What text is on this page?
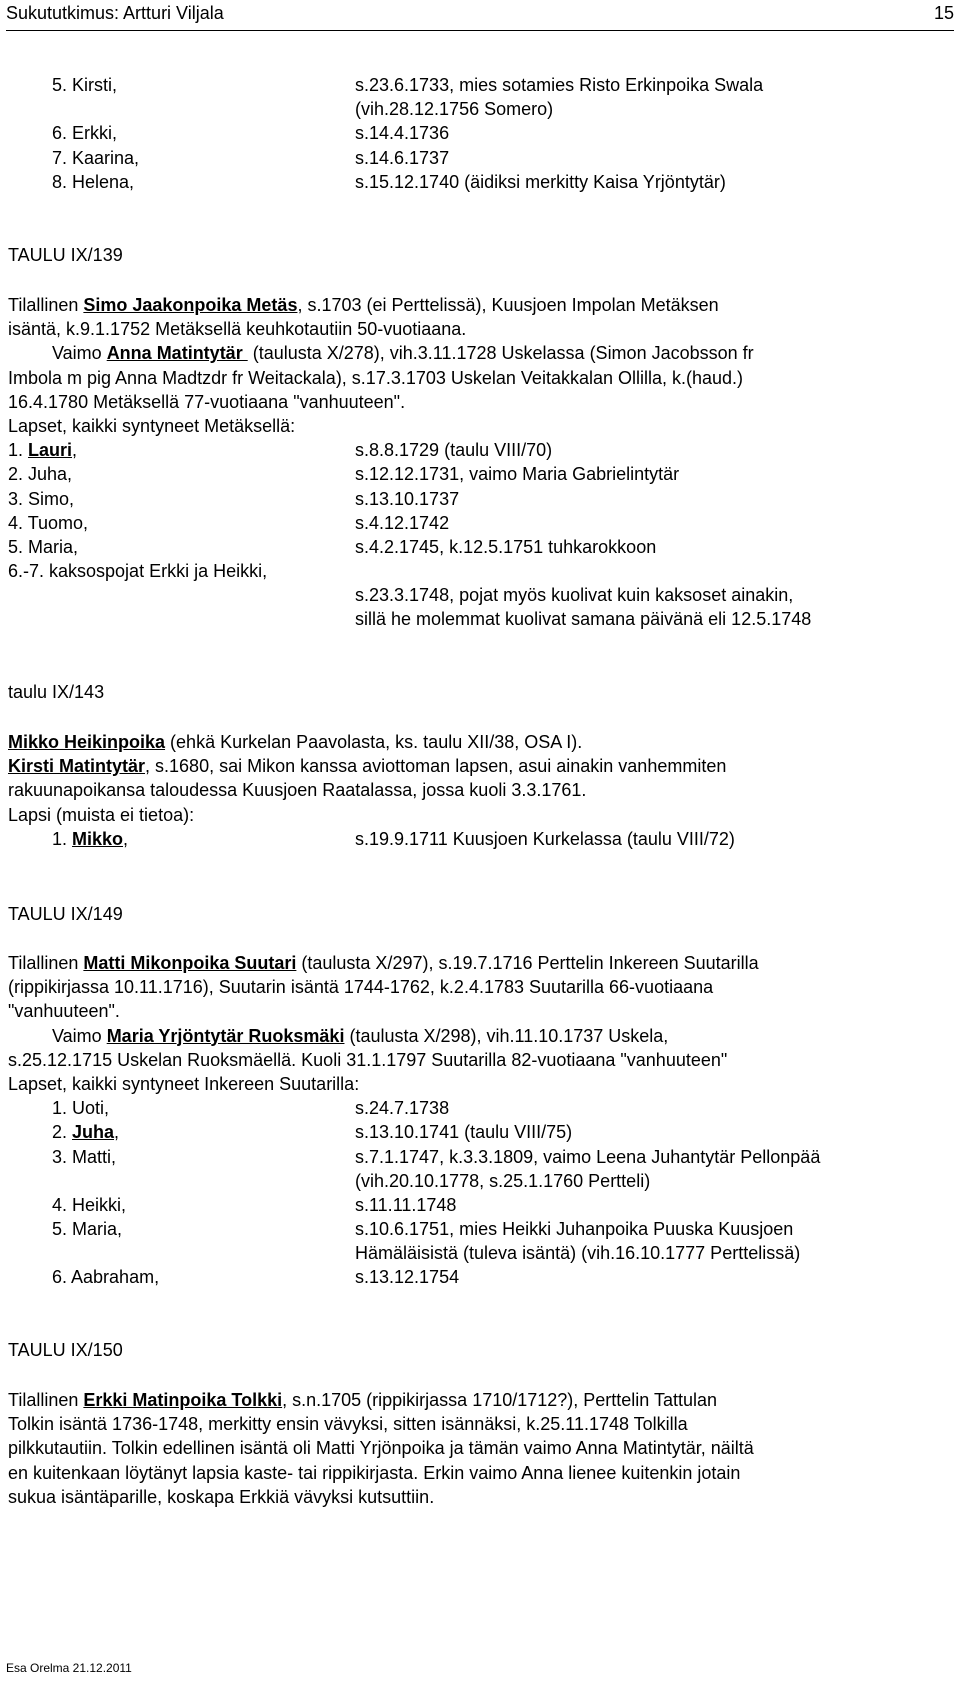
Sukututkimus: Artturi Viljala	15
5. Kirsti,	s.23.6.1733, mies sotamies Risto Erkinpoika Swala
(vih.28.12.1756 Somero)
6. Erkki,	s.14.4.1736
7. Kaarina,	s.14.6.1737
8. Helena,	s.15.12.1740 (äidiksi merkitty Kaisa Yrjöntytär)
TAULU IX/139
Tilallinen Simo Jaakonpoika Metäs, s.1703 (ei Perttelissä), Kuusjoen Impolan Metäksen
isäntä, k.9.1.1752 Metäksellä keuhkotautiin 50-vuotiaana.
Vaimo Anna Matintytär  (taulusta X/278), vih.3.11.1728 Uskelassa (Simon Jacobsson fr
Imbola m pig Anna Madtzdr fr Weitackala), s.17.3.1703 Uskelan Veitakkalan Ollilla, k.(haud.)
16.4.1780 Metäksellä 77-vuotiaana "vanhuuteen".
Lapset, kaikki syntyneet Metäksellä:
1. Lauri,	s.8.8.1729 (taulu VIII/70)
2. Juha,	s.12.12.1731, vaimo Maria Gabrielintytär
3. Simo,	s.13.10.1737
4. Tuomo,	s.4.12.1742
5. Maria,	s.4.2.1745, k.12.5.1751 tuhkarokkoon
6.-7. kaksospojat Erkki ja Heikki,
s.23.3.1748, pojat myös kuolivat kuin kaksoset ainakin,
sillä he molemmat kuolivat samana päivänä eli 12.5.1748
taulu IX/143
Mikko Heikinpoika (ehkä Kurkelan Paavolasta, ks. taulu XII/38, OSA I).
Kirsti Matintytär, s.1680, sai Mikon kanssa aviottoman lapsen, asui ainakin vanhemmiten
rakuunapoikansa taloudessa Kuusjoen Raatalassa, jossa kuoli 3.3.1761.
Lapsi (muista ei tietoa):
1. Mikko,	s.19.9.1711 Kuusjoen Kurkelassa (taulu VIII/72)
TAULU IX/149
Tilallinen Matti Mikonpoika Suutari (taulusta X/297), s.19.7.1716 Perttelin Inkereen Suutarilla
(rippikirjassa 10.11.1716), Suutarin isäntä 1744-1762, k.2.4.1783 Suutarilla 66-vuotiaana
"vanhuuteen".
Vaimo Maria Yrjöntytär Ruoksmäki (taulusta X/298), vih.11.10.1737 Uskela,
s.25.12.1715 Uskelan Ruoksmäellä. Kuoli 31.1.1797 Suutarilla 82-vuotiaana "vanhuuteen"
Lapset, kaikki syntyneet Inkereen Suutarilla:
1. Uoti,	s.24.7.1738
2. Juha,	s.13.10.1741 (taulu VIII/75)
3. Matti,	s.7.1.1747, k.3.3.1809, vaimo Leena Juhantytär Pellonpää
(vih.20.10.1778, s.25.1.1760 Pertteli)
4. Heikki,	s.11.11.1748
5. Maria,	s.10.6.1751, mies Heikki Juhanpoika Puuska Kuusjoen
Hämäläisistä (tuleva isäntä) (vih.16.10.1777 Perttelissä)
6. Aabraham,	s.13.12.1754
TAULU IX/150
Tilallinen Erkki Matinpoika Tolkki, s.n.1705 (rippikirjassa 1710/1712?), Perttelin Tattulan
Tolkin isäntä 1736-1748, merkitty ensin vävyksi, sitten isännäksi, k.25.11.1748 Tolkilla
pilkkutautiin. Tolkin edellinen isäntä oli Matti Yrjönpoika ja tämän vaimo Anna Matintytär, näiltä
en kuitenkaan löytänyt lapsia kaste- tai rippikirjasta. Erkin vaimo Anna lienee kuitenkin jotain
sukua isäntäparille, koskapa Erkkiä vävyksi kutsuttiin.
Esa Orelma 21.12.2011
